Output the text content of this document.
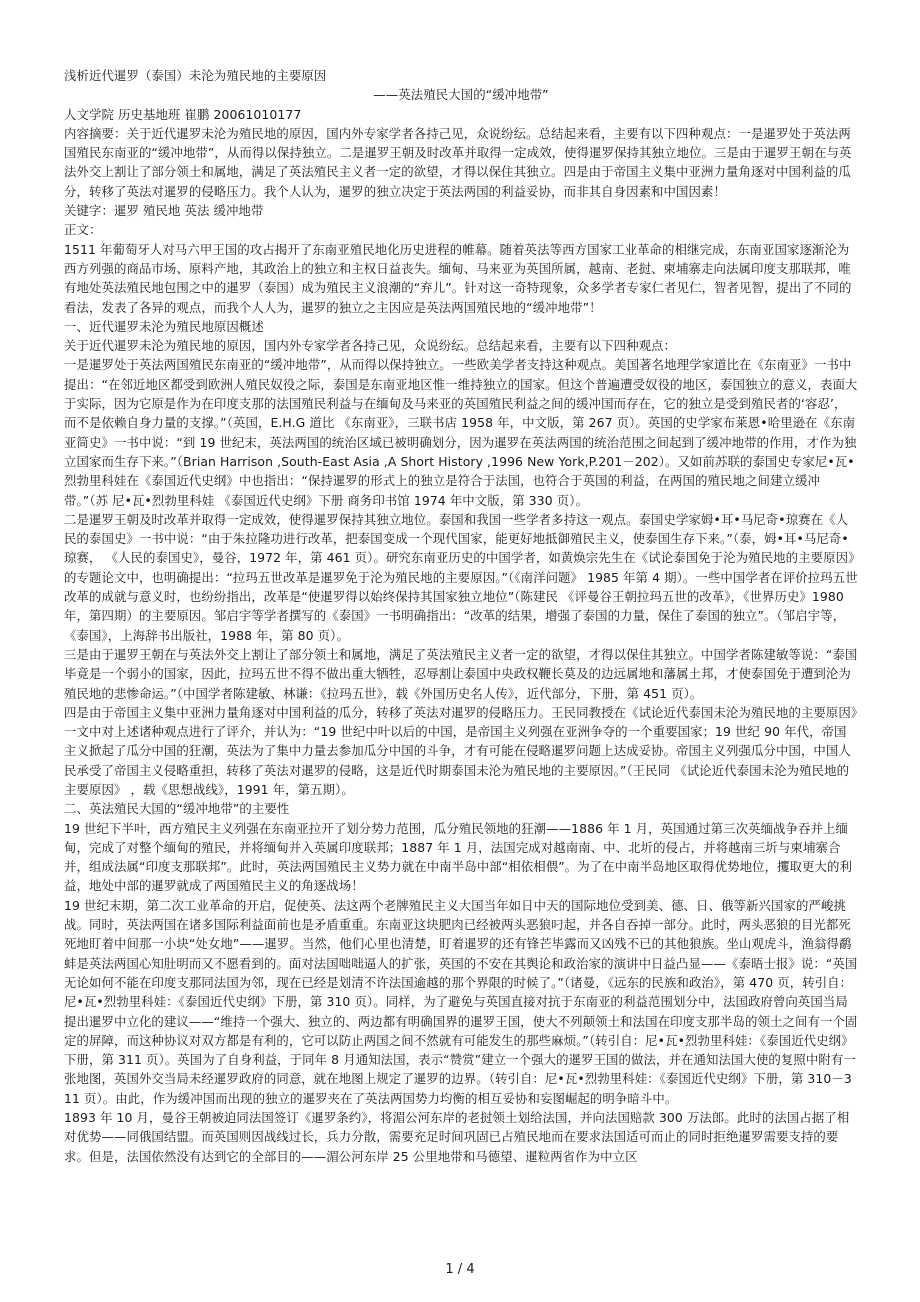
浅析近代暹罗（泰国）未沦为殖民地的主要原因

——英法殖民大国的“缓冲地带”

人文学院 历史基地班 崔鹏 20061010177

内容摘要：关于近代暹罗未沦为殖民地的原因，国内外专家学者各持己见，众说纷纭。总结起来看，主要有以下四种观点：一是暹罗处于英法两国殖民东南亚的“缓冲地带”，从而得以保持独立。二是暹罗王朝及时改革并取得一定成效，使得暹罗保持其独立地位。三是由于暹罗王朝在与英法外交上割让了部分领土和属地，满足了英法殖民主义者一定的欲望，才得以保住其独立。四是由于帝国主义集中亚洲力量角逐对中国利益的瓜分，转移了英法对暹罗的侵略压力。我个人认为，暹罗的独立决定于英法两国的利益妥协，而非其自身因素和中国因素！

关键字：暹罗 殖民地 英法 缓冲地带

正文：

1511 年葡萄牙人对马六甲王国的攻占揭开了东南亚殖民地化历史进程的帷幕。随着英法等西方国家工业革命的相继完成，东南亚国家逐渐沦为西方列强的商品市场、原料产地，其政治上的独立和主权日益丧失。缅甸、马来亚为英国所属，越南、老挝、柬埔寨走向法属印度支那联邦，唯有地处英法殖民地包围之中的暹罗（泰国）成为殖民主义浪潮的“弃儿”。针对这一奇特现象，众多学者专家仁者见仁，智者见智，提出了不同的看法，发表了各异的观点，而我个人人为，暹罗的独立之主因应是英法两国殖民地的“缓冲地带”！

一、近代暹罗未沦为殖民地原因概述

关于近代暹罗未沦为殖民地的原因，国内外专家学者各持己见，众说纷纭。总结起来看，主要有以下四种观点：

一是暹罗处于英法两国殖民东南亚的“缓冲地带”，从而得以保持独立。一些欧美学者支持这种观点。美国著名地理学家道比在《东南亚》一书中提出：“在邻近地区都受到欧洲人殖民奴役之际，泰国是东南亚地区惟一维持独立的国家。但这个普遍遭受奴役的地区，泰国独立的意义，表面大于实际，因为它原是作为在印度支那的法国殖民利益与在缅甸及马来亚的英国殖民利益之间的缓冲国而存在，它的独立是受到殖民者的‘容忍’，而不是依赖自身力量的支撑。”（英国，E.H.G 道比 《东南亚》，三联书店 1958 年，中文版，第 267 页）。英国的史学家布莱恩•哈里逊在《东南亚简史》一书中说：“到 19 世纪末，英法两国的统治区域已被明确划分，因为暹罗在英法两国的统治范围之间起到了缓冲地带的作用，才作为独立国家而生存下来。”（Brian Harrison ,South-East Asia ,A Short History ,1996 New York,P.201－202）。又如前苏联的泰国史专家尼•瓦•烈勃里科娃在《泰国近代史纲》中也指出：“保持暹罗的形式上的独立是符合于法国，也符合于英国的利益，在两国的殖民地之间建立缓冲带。”（苏 尼•瓦•烈勃里科娃 《泰国近代史纲》下册 商务印书馆 1974 年中文版，第 330 页）。

二是暹罗王朝及时改革并取得一定成效，使得暹罗保持其独立地位。泰国和我国一些学者多持这一观点。泰国史学家姆•耳•马尼奇•琼赛在《人民的泰国史》一书中说：“由于朱拉隆功进行改革，把泰国变成一个现代国家，能更好地抵御殖民主义，使泰国生存下来。”（泰，姆•耳•马尼奇•琼赛， 《人民的泰国史》，曼谷，1972 年，第 461 页）。研究东南亚历史的中国学者，如黄焕宗先生在《试论泰国免于沦为殖民地的主要原因》的专题论文中，也明确提出：“拉玛五世改革是暹罗免于沦为殖民地的主要原因。”（《南洋问题》 1985 年第 4 期）。一些中国学者在评价拉玛五世改革的成就与意义时，也纷纷指出，改革是“使暹罗得以始终保持其国家独立地位”（陈建民 《评曼谷王朝拉玛五世的改革》，《世界历史》1980 年，第四期）的主要原因。邹启宇等学者撰写的《泰国》一书明确指出：“改革的结果，增强了泰国的力量，保住了泰国的独立”。（邹启宇等，《泰国》，上海辞书出版社，1988 年，第 80 页）。

三是由于暹罗王朝在与英法外交上割让了部分领土和属地，满足了英法殖民主义者一定的欲望，才得以保住其独立。中国学者陈建敏等说：“泰国毕竟是一个弱小的国家，因此，拉玛五世不得不做出重大牺牲，忍辱割让泰国中央政权鞭长莫及的边远属地和藩属土邦，才使泰国免于遭到沦为殖民地的悲惨命运。”（中国学者陈建敏、林谦：《拉玛五世》，载《外国历史名人传》，近代部分，下册，第 451 页）。

四是由于帝国主义集中亚洲力量角逐对中国利益的瓜分，转移了英法对暹罗的侵略压力。王民同教授在《试论近代泰国未沦为殖民地的主要原因》一文中对上述诸种观点进行了评介，并认为：“19 世纪中叶以后的中国，是帝国主义列强在亚洲争夺的一个重要国家；19 世纪 90 年代，帝国主义掀起了瓜分中国的狂潮，英法为了集中力量去参加瓜分中国的斗争，才有可能在侵略暹罗问题上达成妥协。帝国主义列强瓜分中国，中国人民承受了帝国主义侵略重担，转移了英法对暹罗的侵略，这是近代时期泰国未沦为殖民地的主要原因。”（王民同 《试论近代泰国未沦为殖民地的主要原因》 ，载《思想战线》，1991 年，第五期）。

二、英法殖民大国的“缓冲地带”的主要性

19 世纪下半叶，西方殖民主义列强在东南亚拉开了划分势力范围，瓜分殖民领地的狂潮——1886 年 1 月，英国通过第三次英缅战争吞并上缅甸，完成了对整个缅甸的殖民，并将缅甸并入英属印度联邦；1887 年 1 月，法国完成对越南南、中、北圻的侵占，并将越南三圻与柬埔寨合并，组成法属“印度支那联邦”。此时，英法两国殖民主义势力就在中南半岛中部“相依相偎”。为了在中南半岛地区取得优势地位，攫取更大的利益，地处中部的暹罗就成了两国殖民主义的角逐战场！

19 世纪末期，第二次工业革命的开启，促使英、法这两个老牌殖民主义大国当年如日中天的国际地位受到美、德、日、俄等新兴国家的严峻挑战。同时，英法两国在诸多国际利益面前也是矛盾重重。东南亚这块肥肉已经被两头恶狼叼起，并各自吞掉一部分。此时，两头恶狼的目光都死死地盯着中间那一小块“处女地”——暹罗。当然，他们心里也清楚，盯着暹罗的还有锋芒毕露而又凶残不已的其他狼族。坐山观虎斗，渔翁得鹬蚌是英法两国心知肚明而又不愿看到的。面对法国咄咄逼人的扩张，英国的不安在其舆论和政治家的演讲中日益凸显——《泰晤士报》说：“英国无论如何不能在印度支那同法国为邻，现在已经是划清不许法国逾越的那个界限的时候了。”（诸曼，《远东的民族和政治》，第 470 页，转引自：尼•瓦•烈勃里科娃：《泰国近代史纲》下册，第 310 页）。同样，为了避免与英国直接对抗于东南亚的利益范围划分中，法国政府曾向英国当局提出暹罗中立化的建议——“维持一个强大、独立的、两边都有明确国界的暹罗王国，使大不列颠领土和法国在印度支那半岛的领土之间有一个固定的屏障，而这种协议对双方都是有利的，它可以防止两国之间不然就有可能发生的那些麻烦。”（转引自：尼•瓦•烈勃里科娃：《泰国近代史纲》下册，第 311 页）。英国为了自身利益，于同年 8 月通知法国，表示“赞赏”建立一个强大的暹罗王国的做法，并在通知法国大使的复照中附有一张地图，英国外交当局未经暹罗政府的同意，就在地图上规定了暹罗的边界。（转引自：尼•瓦•烈勃里科娃：《泰国近代史纲》下册，第 310－311 页）。由此，作为缓冲国而出现的独立的暹罗夹在了英法两国势力均衡的相互妥协和妄图崛起的明争暗斗中。

1893 年 10 月，曼谷王朝被迫同法国签订《暹罗条约》，将湄公河东岸的老挝领土划给法国，并向法国赔款 300 万法郎。此时的法国占据了相对优势——同俄国结盟。而英国则因战线过长，兵力分散，需要充足时间巩固已占殖民地而在要求法国适可而止的同时拒绝暹罗需要支持的要求。但是，法国依然没有达到它的全部目的——湄公河东岸 25 公里地带和马德望、暹粒两省作为中立区

1 / 4
